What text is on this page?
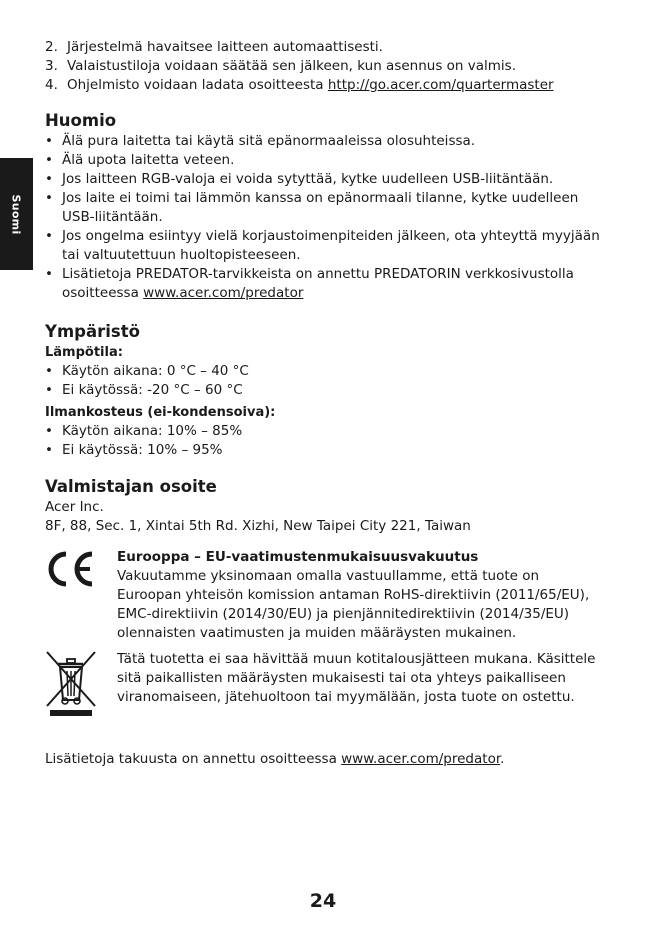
Suomi
2. Järjestelmä havaitsee laitteen automaattisesti.
3. Valaistustiloja voidaan säätää sen jälkeen, kun asennus on valmis.
4. Ohjelmisto voidaan ladata osoitteesta http://go.acer.com/quartermaster
Huomio
• Älä pura laitetta tai käytä sitä epänormaaleissa olosuhteissa.
• Älä upota laitetta veteen.
• Jos laitteen RGB-valoja ei voida sytyttää, kytke uudelleen USB-liitäntään.
• Jos laite ei toimi tai lämmön kanssa on epänormaali tilanne, kytke uudelleen USB-liitäntään.
• Jos ongelma esiintyy vielä korjaustoimenpiteiden jälkeen, ota yhteyttä myyjään tai valtuutettuun huoltopisteeseen.
• Lisätietoja PREDATOR-tarvikkeista on annettu PREDATORIN verkkosivustolla osoitteessa www.acer.com/predator
Ympäristö
Lämpötila:
• Käytön aikana: 0 °C – 40 °C
• Ei käytössä: -20 °C – 60 °C
Ilmankosteus (ei-kondensoiva):
• Käytön aikana: 10% – 85%
• Ei käytössä: 10% – 95%
Valmistajan osoite
Acer Inc.
8F, 88, Sec. 1, Xintai 5th Rd. Xizhi, New Taipei City 221, Taiwan
Eurooppa – EU-vaatimustenmukaisuusvakuutus
Vakuutamme yksinomaan omalla vastuullamme, että tuote on Euroopan yhteisön komission antaman RoHS-direktiivin (2011/65/EU), EMC-direktiivin (2014/30/EU) ja pienjännitedirektiivin (2014/35/EU) olennaisten vaatimusten ja muiden määräysten mukainen.
Tätä tuotetta ei saa hävittää muun kotitalousjätteen mukana. Käsittele sitä paikallisten määräysten mukaisesti tai ota yhteys paikalliseen viranomaiseen, jätehuoltoon tai myymälään, josta tuote on ostettu.
Lisätietoja takuusta on annettu osoitteessa www.acer.com/predator.
24
